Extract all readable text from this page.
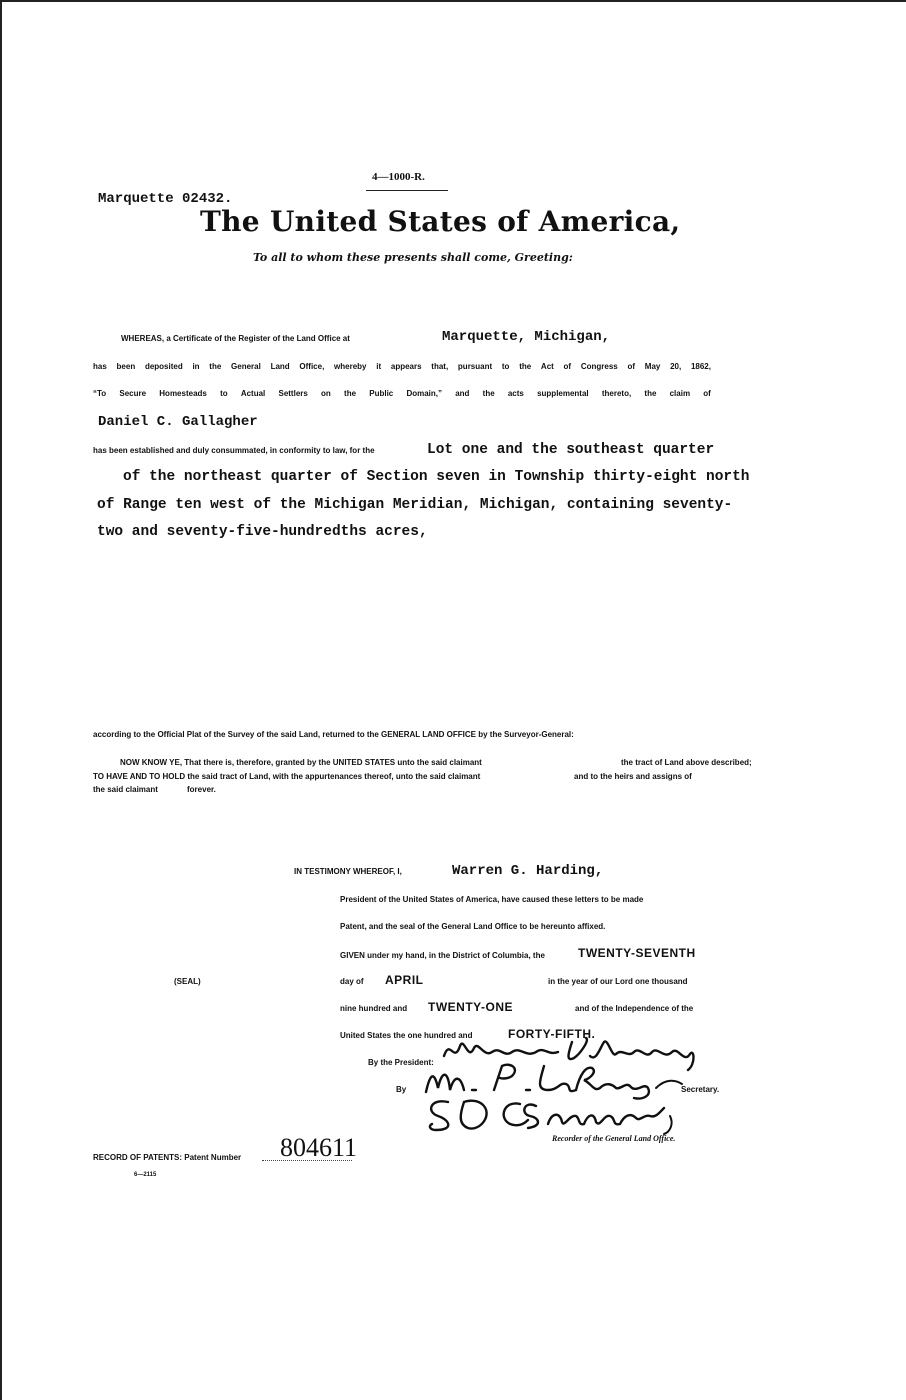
4—1000-R.
Marquette 02432.
The United States of America,
To all to whom these presents shall come, Greeting:
WHEREAS, a Certificate of the Register of the Land Office at	Marquette, Michigan,
has been deposited in the General Land Office, whereby it appears that, pursuant to the Act of Congress of May 20, 1862,
“To Secure Homesteads to Actual Settlers on the Public Domain,” and the acts supplemental thereto, the claim of
Daniel C. Gallagher
has been established and duly consummated, in conformity to law, for the	Lot one and the southeast quarter
of the northeast quarter of Section seven in Township thirty-eight north
of Range ten west of the Michigan Meridian, Michigan, containing seventy-
two and seventy-five-hundredths acres,
according to the Official Plat of the Survey of the said Land, returned to the GENERAL LAND OFFICE by the Surveyor-General:
NOW KNOW YE, That there is, therefore, granted by the UNITED STATES unto the said claimant	the tract of Land above described;
TO HAVE AND TO HOLD the said tract of Land, with the appurtenances thereof, unto the said claimant	and to the heirs and assigns of
the said claimant	forever.
IN TESTIMONY WHEREOF, I,	Warren G. Harding,
President of the United States of America, have caused these letters to be made
Patent, and the seal of the General Land Office to be hereunto affixed.
GIVEN under my hand, in the District of Columbia, the	TWENTY-SEVENTH
day of APRIL	in the year of our Lord one thousand
(SEAL)
nine hundred and TWENTY-ONE	and of the Independence of the
United States the one hundred and	FORTY-FIFTH.
By the President:
By	Secretary.
Recorder of the General Land Office.
RECORD OF PATENTS: Patent Number 804611
6—2115
